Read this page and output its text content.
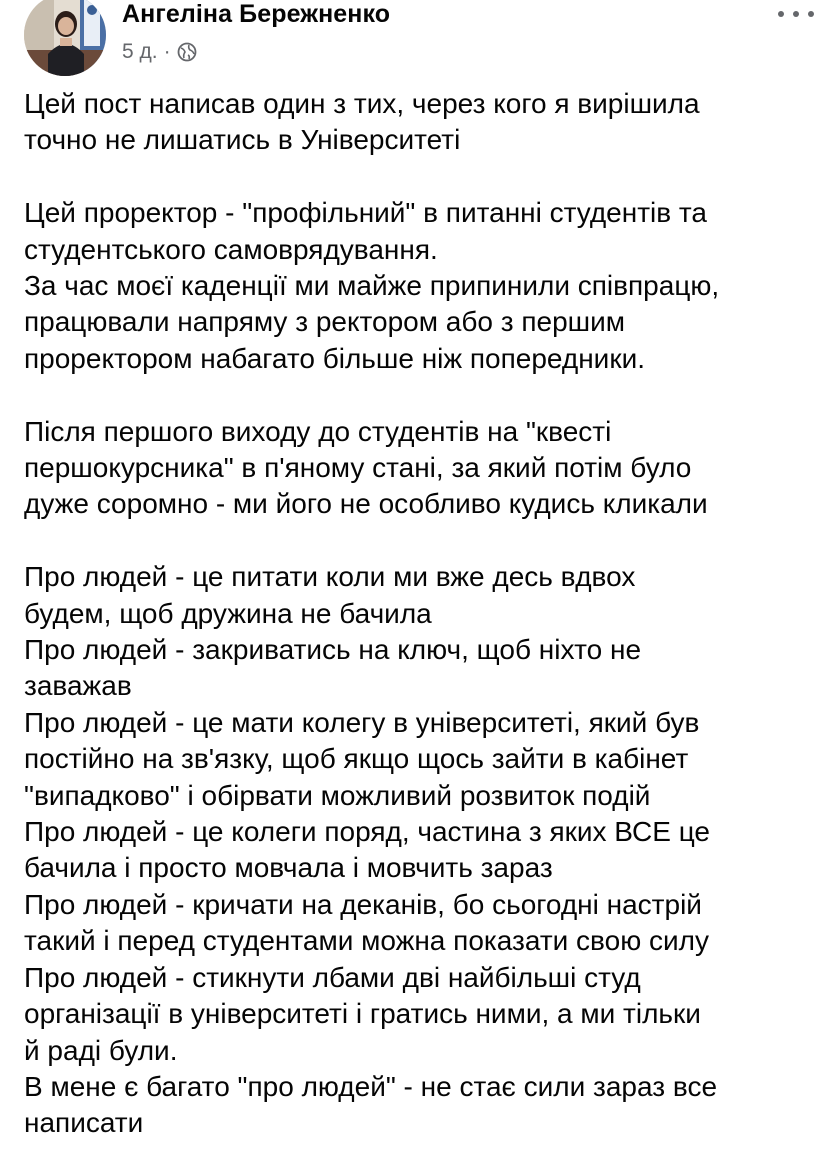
Ангеліна Бережненко
5 д. ·

Цей пост написав один з тих, через кого я вирішила
точно не лишатись в Університеті

Цей проректор - "профільний" в питанні студентів та
студентського самоврядування.
За час моєї каденції ми майже припинили співпрацю,
працювали напряму з ректором або з першим
проректором набагато більше ніж попередники.

Після першого виходу до студентів на "квесті
першокурсника" в п'яному стані, за який потім було
дуже соромно - ми його не особливо кудись кликали

Про людей - це питати коли ми вже десь вдвох
будем, щоб дружина не бачила
Про людей - закриватись на ключ, щоб ніхто не
заважав
Про людей - це мати колегу в університеті, який був
постійно на зв'язку, щоб якщо щось зайти в кабінет
"випадково" і обірвати можливий розвиток подій
Про людей - це колеги поряд, частина з яких ВСЕ це
бачила і просто мовчала і мовчить зараз
Про людей - кричати на деканів, бо сьогодні настрій
такий і перед студентами можна показати свою силу
Про людей - стикнути лбами дві найбільші студ
організації в університеті і гратись ними, а ми тільки
й раді були.
В мене є багато "про людей" - не стає сили зараз все
написати
